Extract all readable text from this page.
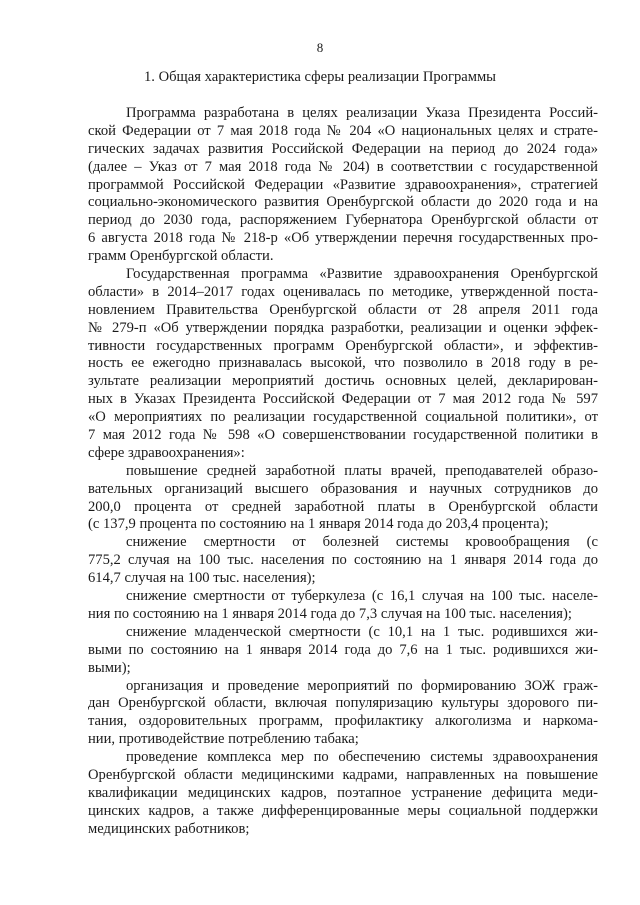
8
1. Общая характеристика сферы реализации Программы
Программа разработана в целях реализации Указа Президента Россий-
ской Федерации от 7 мая 2018 года № 204 «О национальных целях и страте-
гических задачах развития Российской Федерации на период до 2024 года»
(далее – Указ от 7 мая 2018 года № 204) в соответствии с государственной
программой Российской Федерации «Развитие здравоохранения», стратегией
социально-экономического развития Оренбургской области до 2020 года и на
период до 2030 года, распоряжением Губернатора Оренбургской области от
6 августа 2018 года № 218-р «Об утверждении перечня государственных про-
грамм Оренбургской области.
Государственная программа «Развитие здравоохранения Оренбургской
области» в 2014–2017 годах оценивалась по методике, утвержденной поста-
новлением Правительства Оренбургской области от 28 апреля 2011 года
№ 279-п «Об утверждении порядка разработки, реализации и оценки эффек-
тивности государственных программ Оренбургской области», и эффектив-
ность ее ежегодно признавалась высокой, что позволило в 2018 году в ре-
зультате реализации мероприятий достичь основных целей, декларирован-
ных в Указах Президента Российской Федерации от 7 мая 2012 года № 597
«О мероприятиях по реализации государственной социальной политики», от
7 мая 2012 года № 598 «О совершенствовании государственной политики в
сфере здравоохранения»:
повышение средней заработной платы врачей, преподавателей образо-
вательных организаций высшего образования и научных сотрудников до
200,0 процента от средней заработной платы в Оренбургской области
(с 137,9 процента по состоянию на 1 января 2014 года до 203,4 процента);
снижение смертности от болезней системы кровообращения (с
775,2 случая на 100 тыс. населения по состоянию на 1 января 2014 года до
614,7 случая на 100 тыс. населения);
снижение смертности от туберкулеза (с 16,1 случая на 100 тыс. населе-
ния по состоянию на 1 января 2014 года до 7,3 случая на 100 тыс. населения);
снижение младенческой смертности (с 10,1 на 1 тыс. родившихся жи-
выми по состоянию на 1 января 2014 года до 7,6 на 1 тыс. родившихся жи-
выми);
организация и проведение мероприятий по формированию ЗОЖ граж-
дан Оренбургской области, включая популяризацию культуры здорового пи-
тания, оздоровительных программ, профилактику алкоголизма и наркома-
нии, противодействие потреблению табака;
проведение комплекса мер по обеспечению системы здравоохранения
Оренбургской области медицинскими кадрами, направленных на повышение
квалификации медицинских кадров, поэтапное устранение дефицита меди-
цинских кадров, а также дифференцированные меры социальной поддержки
медицинских работников;
